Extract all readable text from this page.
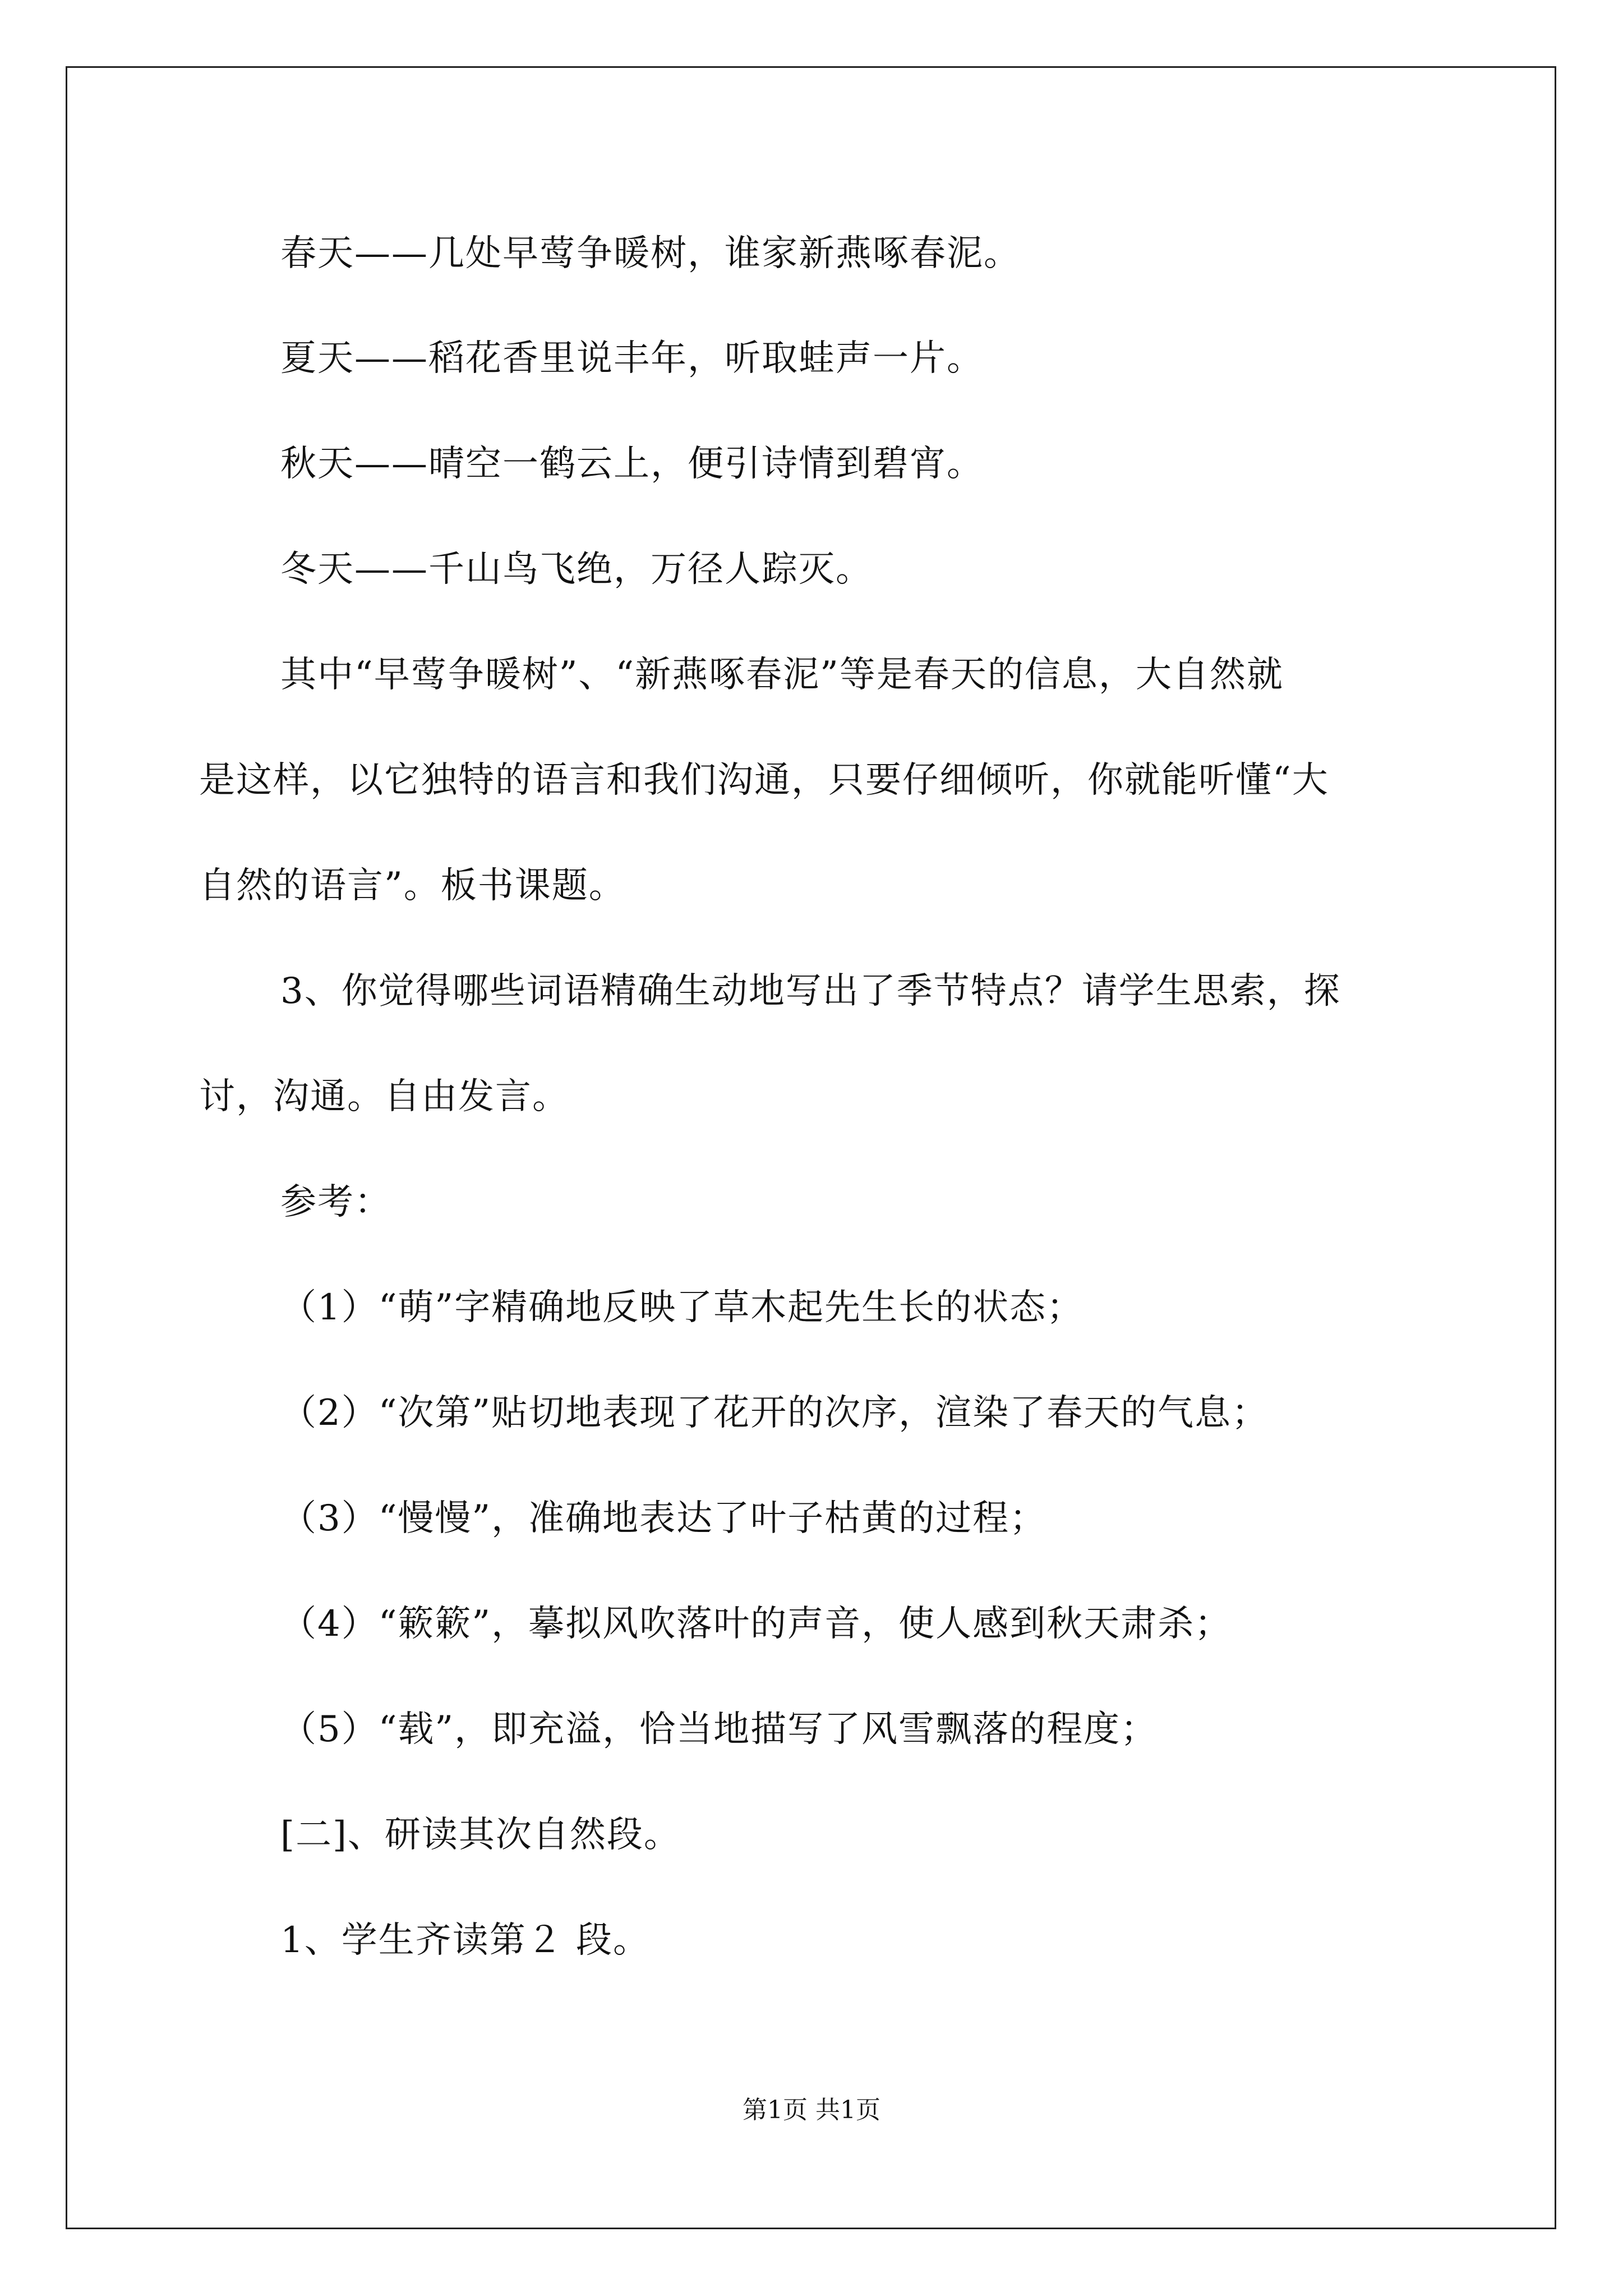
春天——几处早莺争暖树，谁家新燕啄春泥。
夏天——稻花香里说丰年，听取蛙声一片。
秋天——晴空一鹤云上，便引诗情到碧宵。
冬天——千山鸟飞绝，万径人踪灭。
其中“早莺争暖树”、“新燕啄春泥”等是春天的信息，大自然就
是这样，以它独特的语言和我们沟通，只要仔细倾听，你就能听懂“大
自然的语言”。板书课题。
3、你觉得哪些词语精确生动地写出了季节特点？请学生思索，探
讨，沟通。自由发言。
参考：
（1）“萌”字精确地反映了草木起先生长的状态；
（2）“次第”贴切地表现了花开的次序，渲染了春天的气息；
（3）“慢慢”，准确地表达了叶子枯黄的过程；
（4）“簌簌”，摹拟风吹落叶的声音，使人感到秋天肃杀；
（5）“载”，即充溢，恰当地描写了风雪飘落的程度；
[二]、研读其次自然段。
1、学生齐读第２ 段。
第1页 共1页
